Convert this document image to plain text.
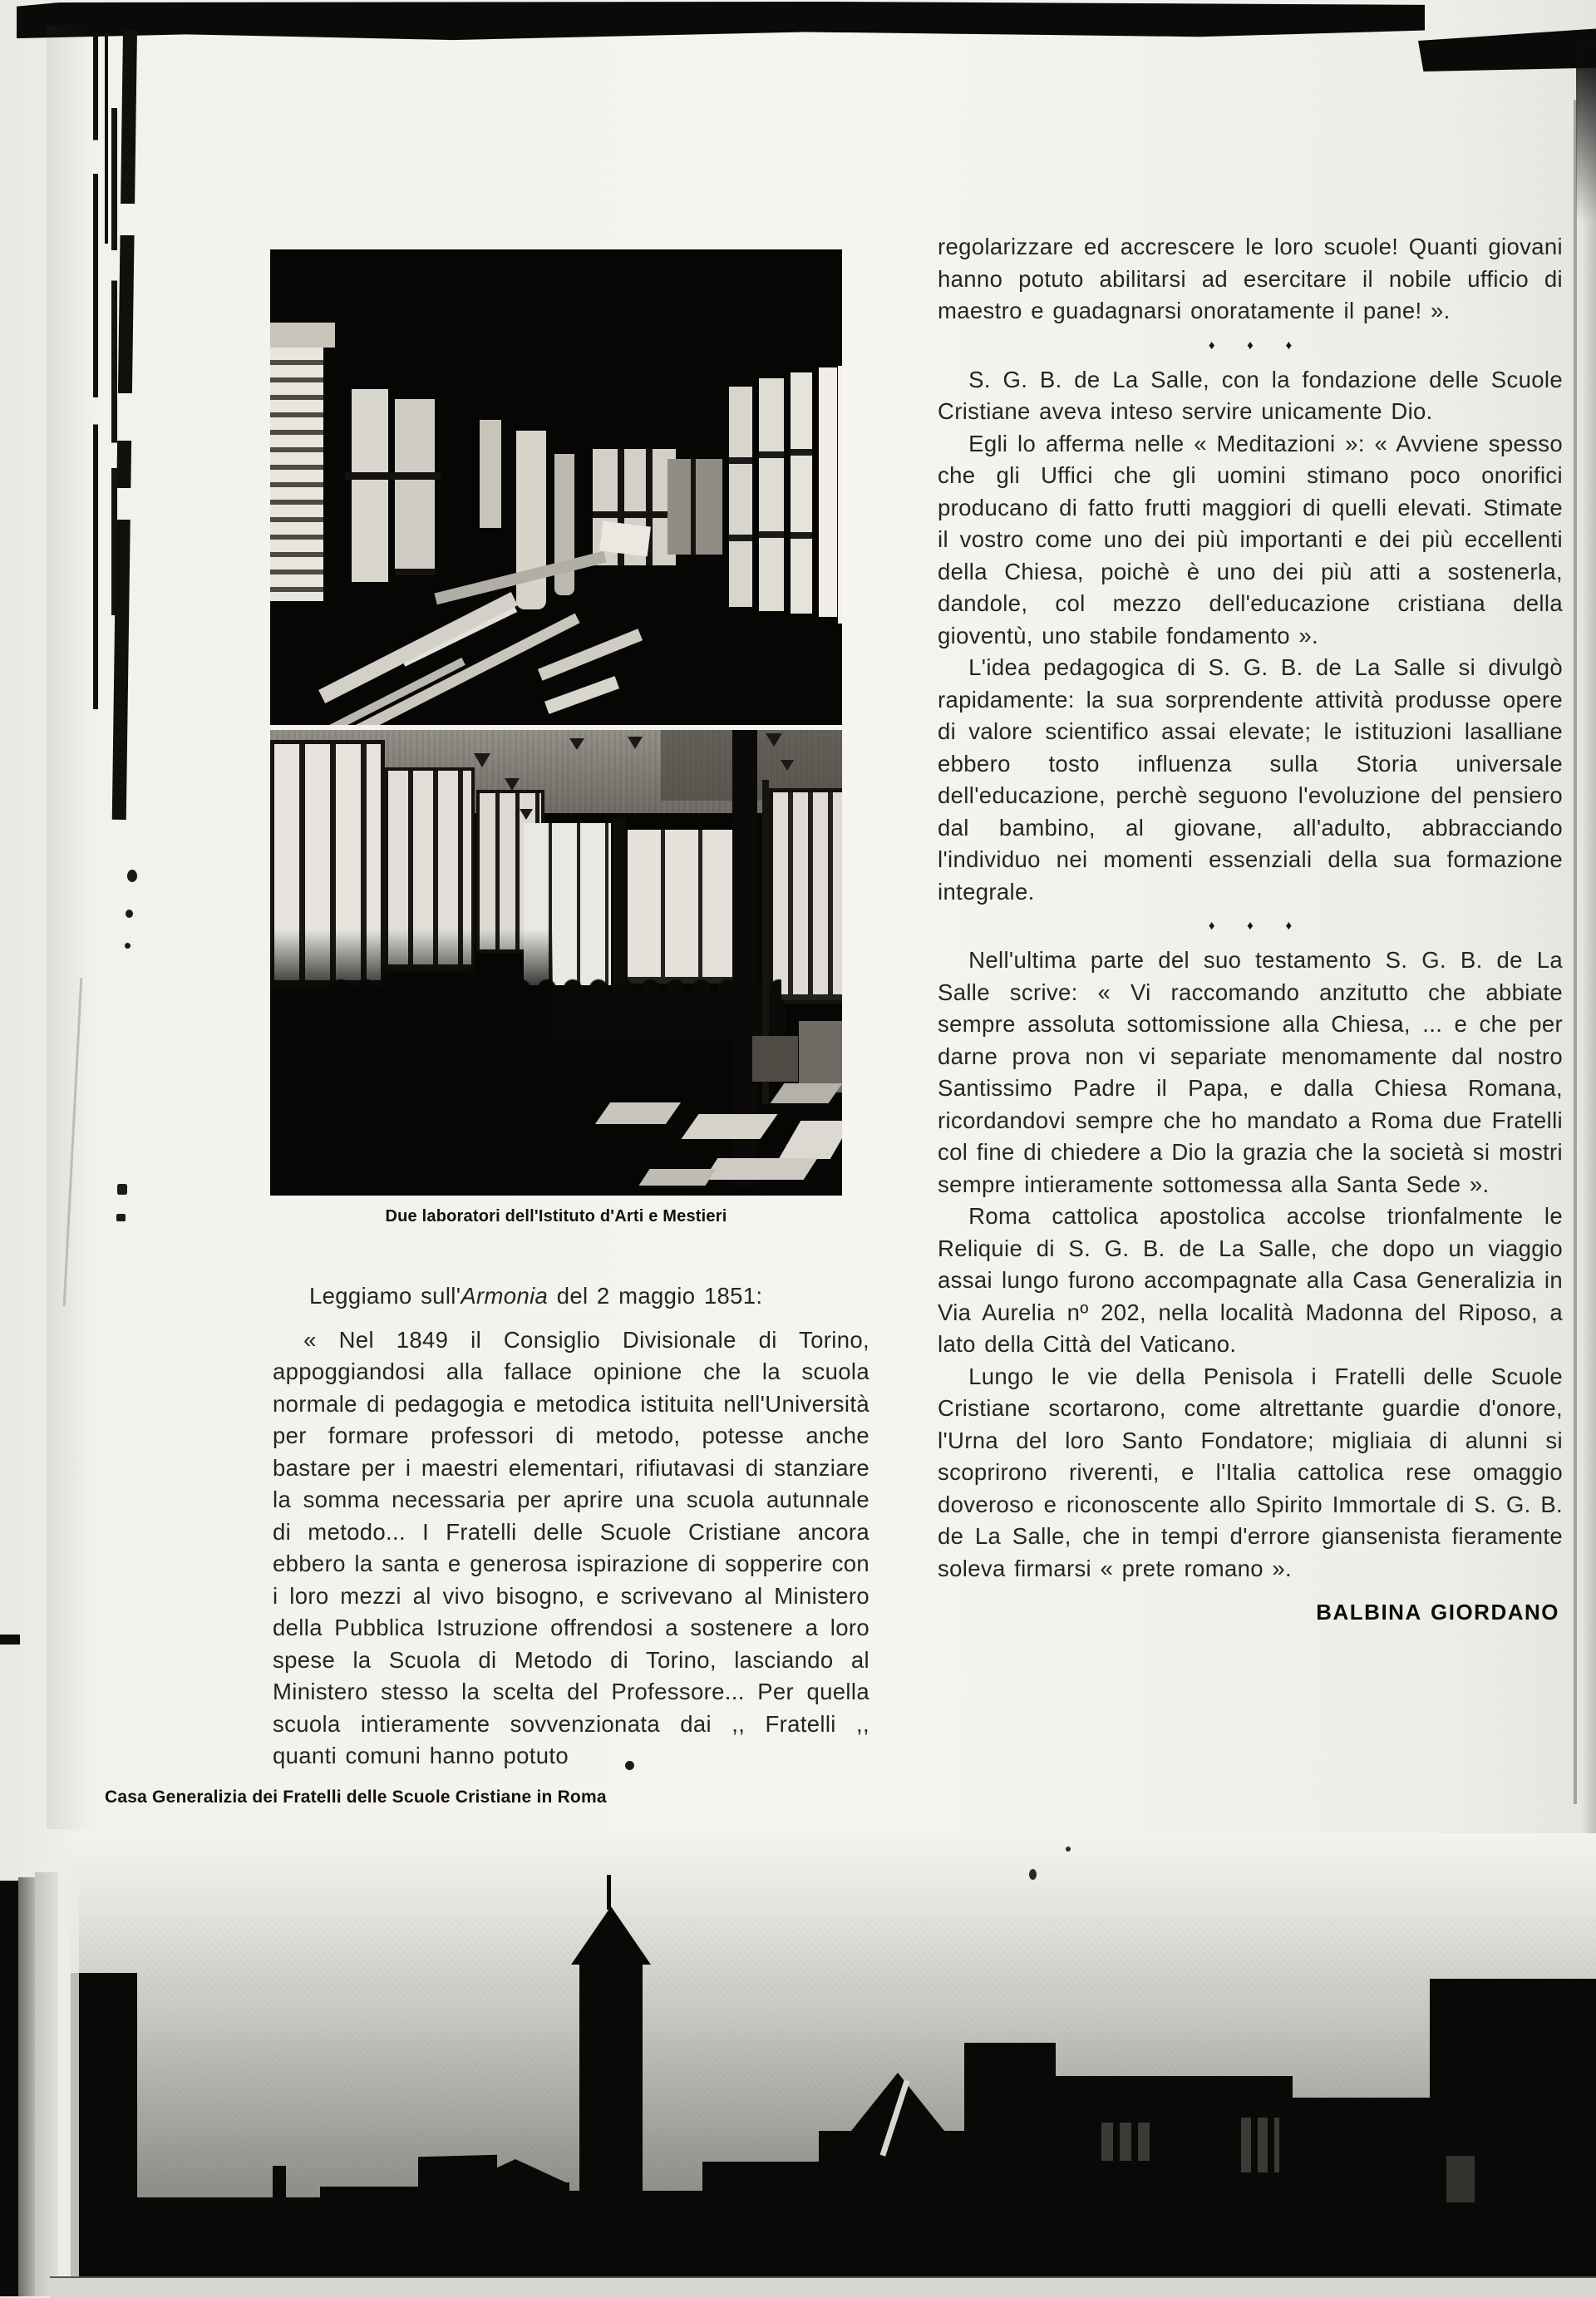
Due laboratori dell'Istituto d'Arti e Mestieri

Leggiamo sull'Armonia del 2 maggio 1851:

« Nel 1849 il Consiglio Divisionale di Torino, appoggiandosi alla fallace opinione che la scuola normale di pedagogia e metodica istituita nell'Università per formare professori di metodo, potesse anche bastare per i maestri elementari, rifiutavasi di stanziare la somma necessaria per aprire una scuola autunnale di metodo... I Fratelli delle Scuole Cristiane ancora ebbero la santa e generosa ispirazione di sopperire con i loro mezzi al vivo bisogno, e scrivevano al Ministero della Pubblica Istruzione offrendosi a sostenere a loro spese la Scuola di Metodo di Torino, lasciando al Ministero stesso la scelta del Professore... Per quella scuola intieramente sovvenzionata dai ,, Fratelli ,, quanti comuni hanno potuto

regolarizzare ed accrescere le loro scuole! Quanti giovani hanno potuto abilitarsi ad esercitare il nobile ufficio di maestro e guadagnarsi onoratamente il pane! ».

♦ ♦ ♦

S. G. B. de La Salle, con la fondazione delle Scuole Cristiane aveva inteso servire unicamente Dio.

Egli lo afferma nelle « Meditazioni »: « Avviene spesso che gli Uffici che gli uomini stimano poco onorifici producano di fatto frutti maggiori di quelli elevati. Stimate il vostro come uno dei più importanti e dei più eccellenti della Chiesa, poichè è uno dei più atti a sostenerla, dandole, col mezzo dell'educazione cristiana della gioventù, uno stabile fondamento ».

L'idea pedagogica di S. G. B. de La Salle si divulgò rapidamente: la sua sorprendente attività produsse opere di valore scientifico assai elevate; le istituzioni lasalliane ebbero tosto influenza sulla Storia universale dell'educazione, perchè seguono l'evoluzione del pensiero dal bambino, al giovane, all'adulto, abbracciando l'individuo nei momenti essenziali della sua formazione integrale.

♦ ♦ ♦

Nell'ultima parte del suo testamento S. G. B. de La Salle scrive: « Vi raccomando anzitutto che abbiate sempre assoluta sottomissione alla Chiesa, ... e che per darne prova non vi separiate menomamente dal nostro Santissimo Padre il Papa, e dalla Chiesa Romana, ricordandovi sempre che ho mandato a Roma due Fratelli col fine di chiedere a Dio la grazia che la società si mostri sempre intieramente sottomessa alla Santa Sede ».

Roma cattolica apostolica accolse trionfalmente le Reliquie di S. G. B. de La Salle, che dopo un viaggio assai lungo furono accompagnate alla Casa Generalizia in Via Aurelia nº 202, nella località Madonna del Riposo, a lato della Città del Vaticano.

Lungo le vie della Penisola i Fratelli delle Scuole Cristiane scortarono, come altrettante guardie d'onore, l'Urna del loro Santo Fondatore; migliaia di alunni si scoprirono riverenti, e l'Italia cattolica rese omaggio doveroso e riconoscente allo Spirito Immortale di S. G. B. de La Salle, che in tempi d'errore giansenista fieramente soleva firmarsi « prete romano ».

BALBINA GIORDANO
Casa Generalizia dei Fratelli delle Scuole Cristiane in Roma
